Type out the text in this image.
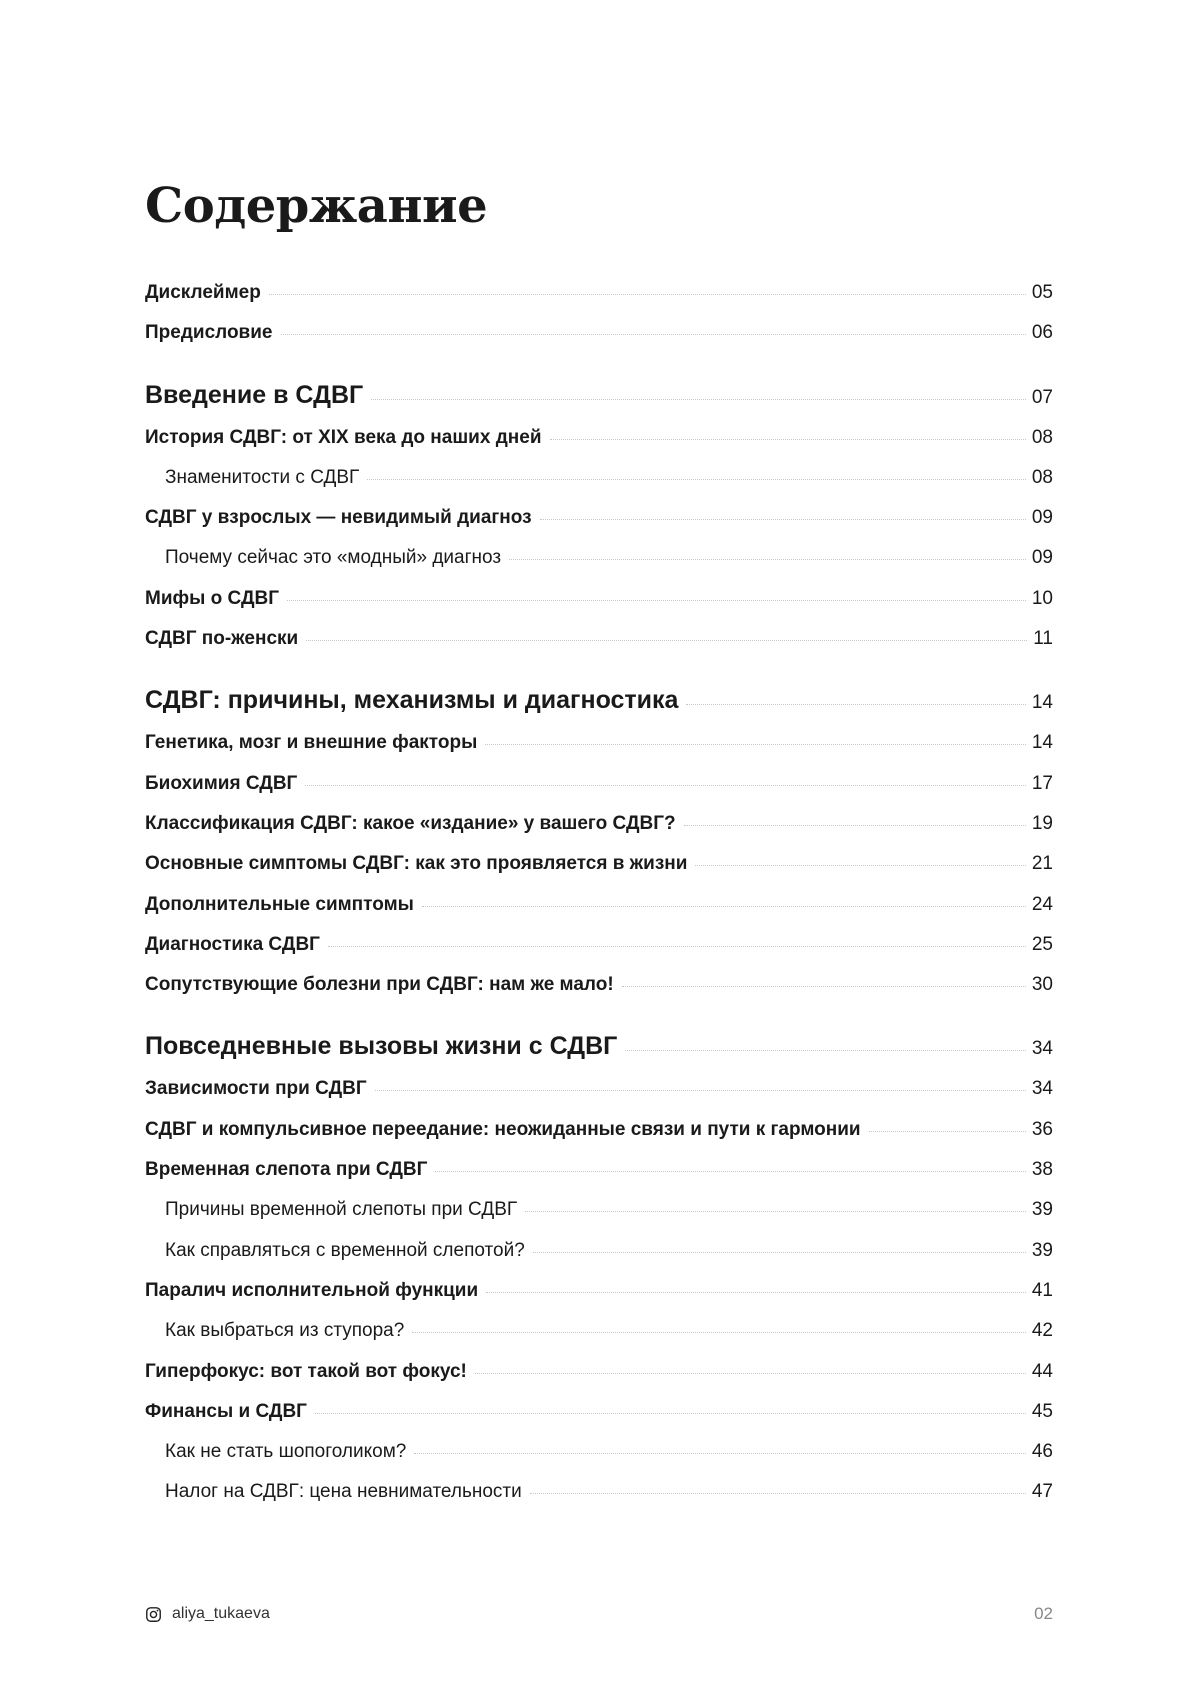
Содержание
Дисклеймер	05
Предисловие	06
Введение в СДВГ	07
История СДВГ: от XIX века до наших дней	08
Знаменитости с СДВГ	08
СДВГ у взрослых — невидимый диагноз	09
Почему сейчас это «модный» диагноз	09
Мифы о СДВГ	10
СДВГ по-женски	11
СДВГ: причины, механизмы и диагностика	14
Генетика, мозг и внешние факторы	14
Биохимия СДВГ	17
Классификация СДВГ: какое «издание» у вашего СДВГ?	19
Основные симптомы СДВГ: как это проявляется в жизни	21
Дополнительные симптомы	24
Диагностика СДВГ	25
Сопутствующие болезни при СДВГ: нам же мало!	30
Повседневные вызовы жизни с СДВГ	34
Зависимости при СДВГ	34
СДВГ и компульсивное переедание: неожиданные связи и пути к гармонии	36
Временная слепота при СДВГ	38
Причины временной слепоты при СДВГ	39
Как справляться с временной слепотой?	39
Паралич исполнительной функции	41
Как выбраться из ступора?	42
Гиперфокус: вот такой вот фокус!	44
Финансы и СДВГ	45
Как не стать шопоголиком?	46
Налог на СДВГ: цена невнимательности	47
aliya_tukaeva	02
